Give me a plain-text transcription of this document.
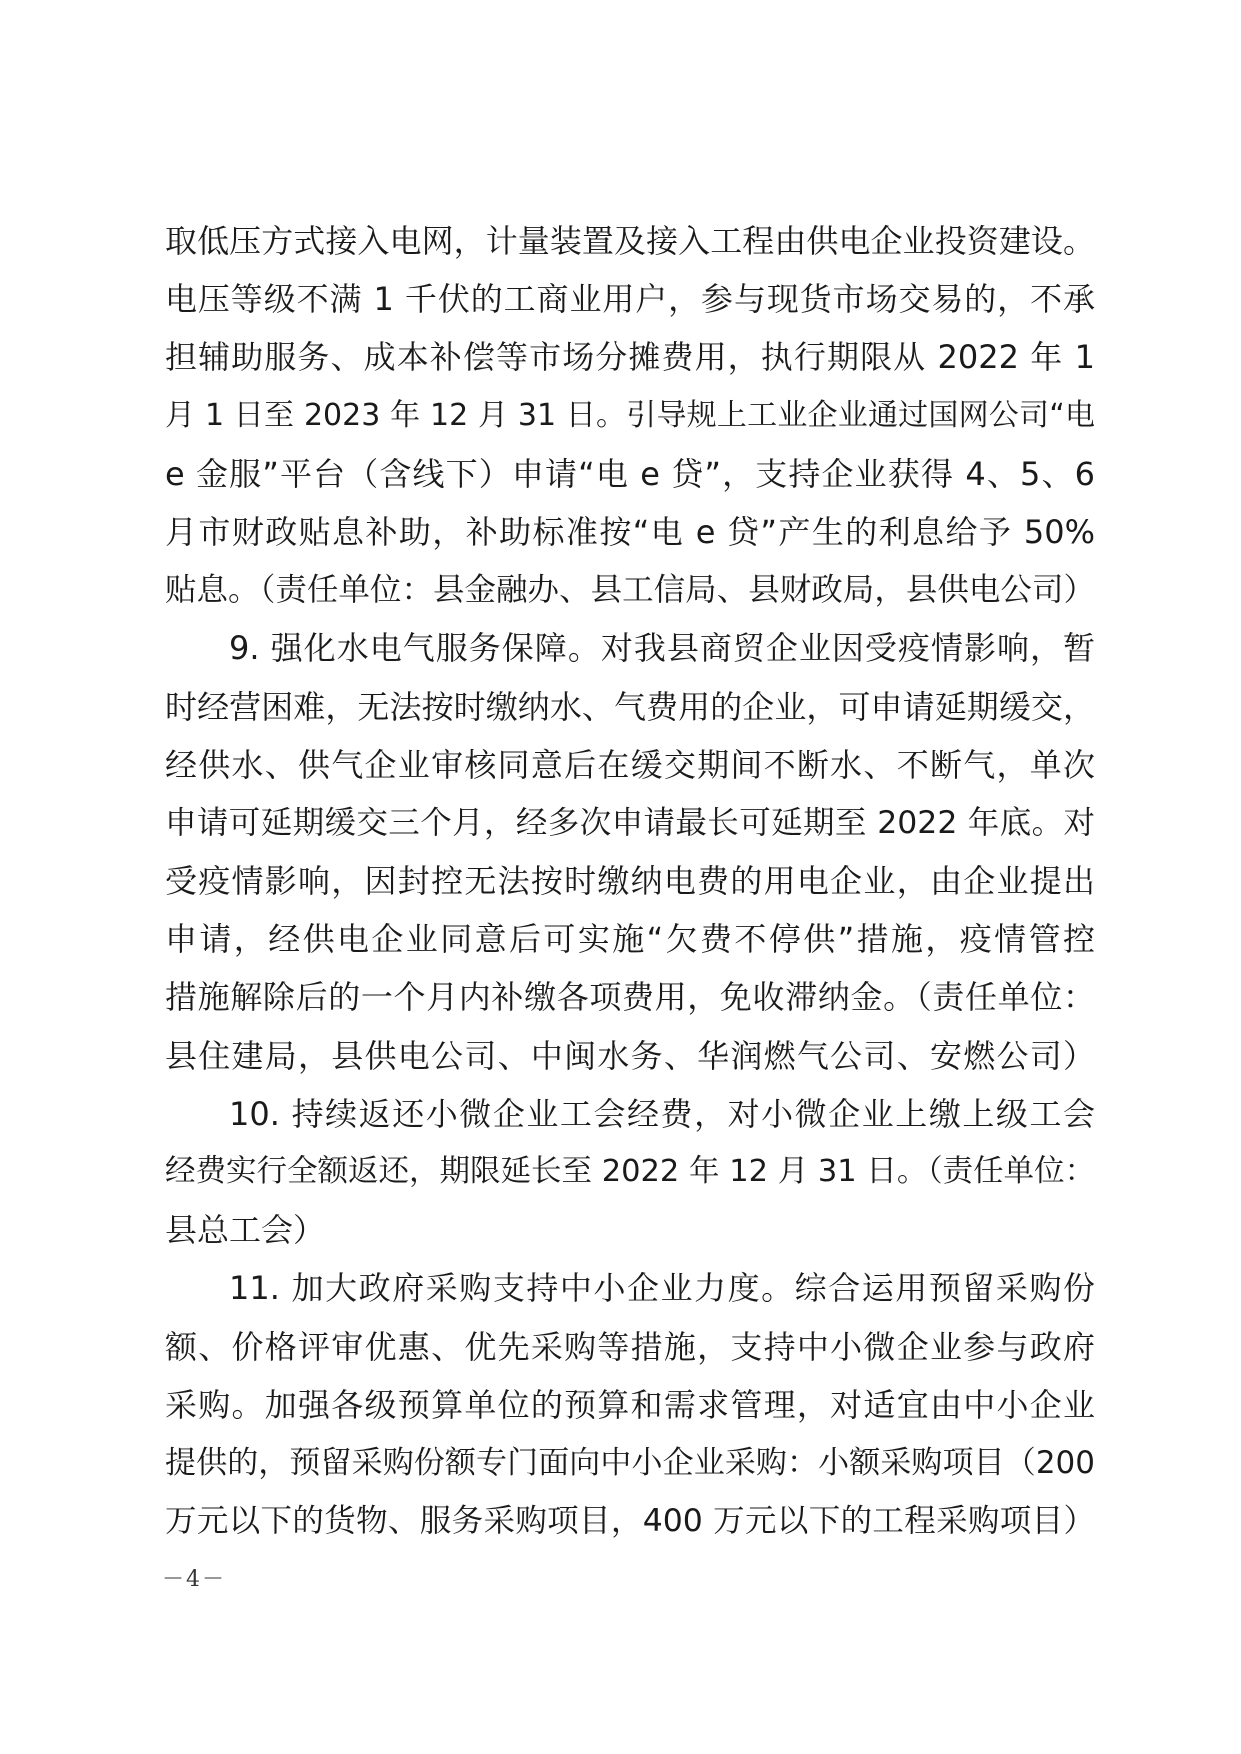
取低压方式接入电网，计量装置及接入工程由供电企业投资建设。
电压等级不满 1 千伏的工商业用户，参与现货市场交易的，不承
担辅助服务、成本补偿等市场分摊费用，执行期限从 2022 年 1
月 1 日至 2023 年 12 月 31 日。引导规上工业企业通过国网公司“电
e 金服”平台（含线下）申请“电 e 贷”，支持企业获得 4、5、6
月市财政贴息补助，补助标准按“电 e 贷”产生的利息给予 50%
贴息。（责任单位：县金融办、县工信局、县财政局，县供电公司）
9. 强化水电气服务保障。对我县商贸企业因受疫情影响，暂
时经营困难，无法按时缴纳水、气费用的企业，可申请延期缓交，
经供水、供气企业审核同意后在缓交期间不断水、不断气，单次
申请可延期缓交三个月，经多次申请最长可延期至 2022 年底。对
受疫情影响，因封控无法按时缴纳电费的用电企业，由企业提出
申请，经供电企业同意后可实施“欠费不停供”措施，疫情管控
措施解除后的一个月内补缴各项费用，免收滞纳金。（责任单位：
县住建局，县供电公司、中闽水务、华润燃气公司、安燃公司）
10. 持续返还小微企业工会经费，对小微企业上缴上级工会
经费实行全额返还，期限延长至 2022 年 12 月 31 日。（责任单位：
县总工会）
11. 加大政府采购支持中小企业力度。综合运用预留采购份
额、价格评审优惠、优先采购等措施，支持中小微企业参与政府
采购。加强各级预算单位的预算和需求管理，对适宜由中小企业
提供的，预留采购份额专门面向中小企业采购：小额采购项目（200
万元以下的货物、服务采购项目，400 万元以下的工程采购项目）
－4－
